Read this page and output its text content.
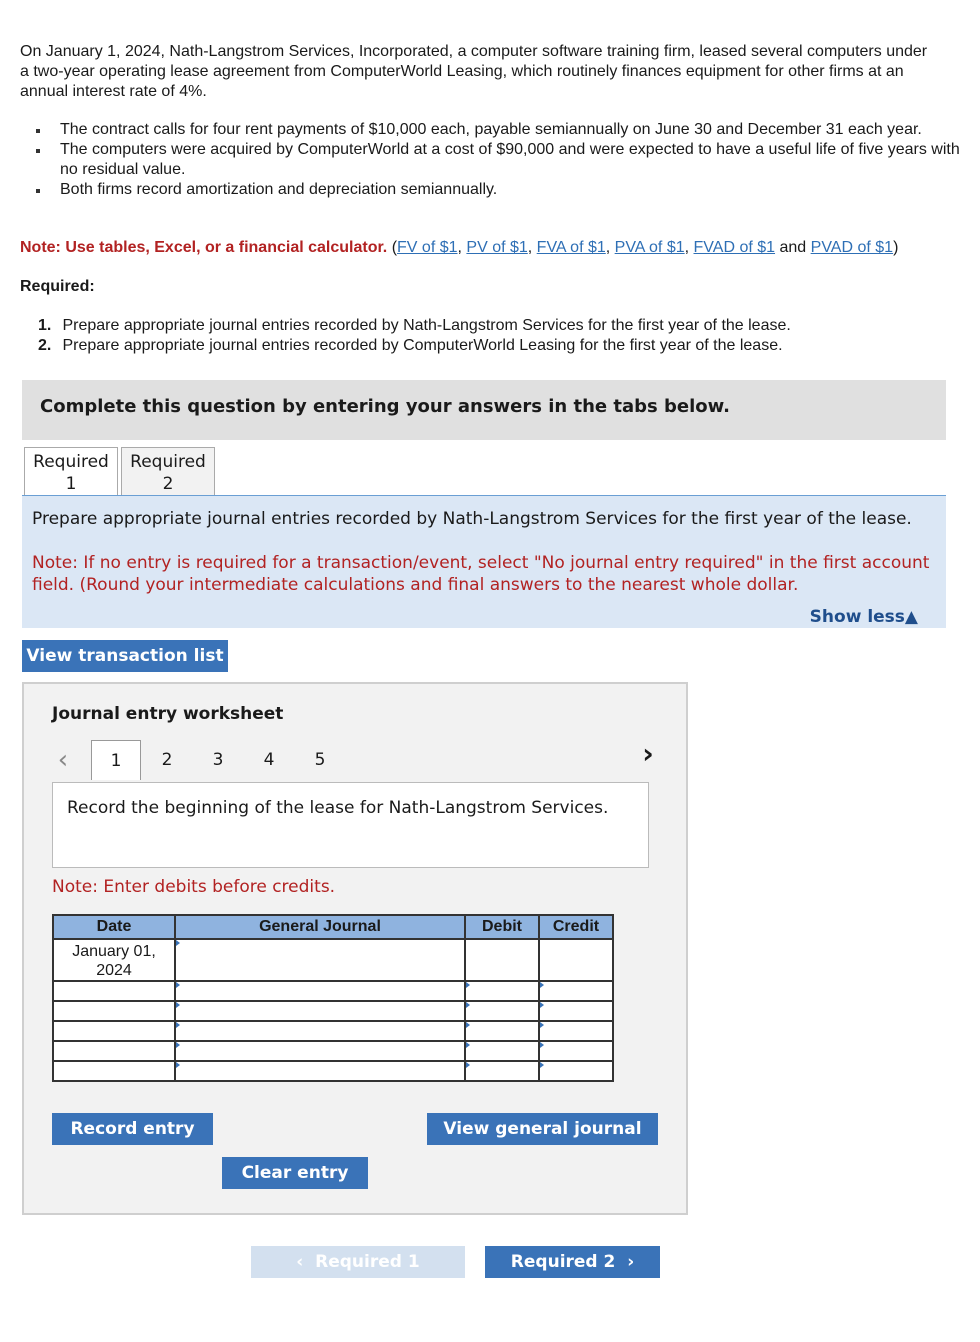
On January 1, 2024, Nath-Langstrom Services, Incorporated, a computer software training firm, leased several computers under a two-year operating lease agreement from ComputerWorld Leasing, which routinely finances equipment for other firms at an annual interest rate of 4%.
The contract calls for four rent payments of $10,000 each, payable semiannually on June 30 and December 31 each year.
The computers were acquired by ComputerWorld at a cost of $90,000 and were expected to have a useful life of five years with no residual value.
Both firms record amortization and depreciation semiannually.
Note: Use tables, Excel, or a financial calculator. (FV of $1, PV of $1, FVA of $1, PVA of $1, FVAD of $1 and PVAD of $1)
Required:
1. Prepare appropriate journal entries recorded by Nath-Langstrom Services for the first year of the lease.
2. Prepare appropriate journal entries recorded by ComputerWorld Leasing for the first year of the lease.
Complete this question by entering your answers in the tabs below.
Required
1
Required
2
Prepare appropriate journal entries recorded by Nath-Langstrom Services for the first year of the lease.
Note: If no entry is required for a transaction/event, select "No journal entry required" in the first account field. (Round your intermediate calculations and final answers to the nearest whole dollar.
Show less▲
View transaction list
Journal entry worksheet
‹	1	2	3	4	5	›
Record the beginning of the lease for Nath-Langstrom Services.
Note: Enter debits before credits.
Date	General Journal	Debit	Credit
January 01, 2024			

Record entry	View general journal
Clear entry
‹  Required 1	Required 2  ›
